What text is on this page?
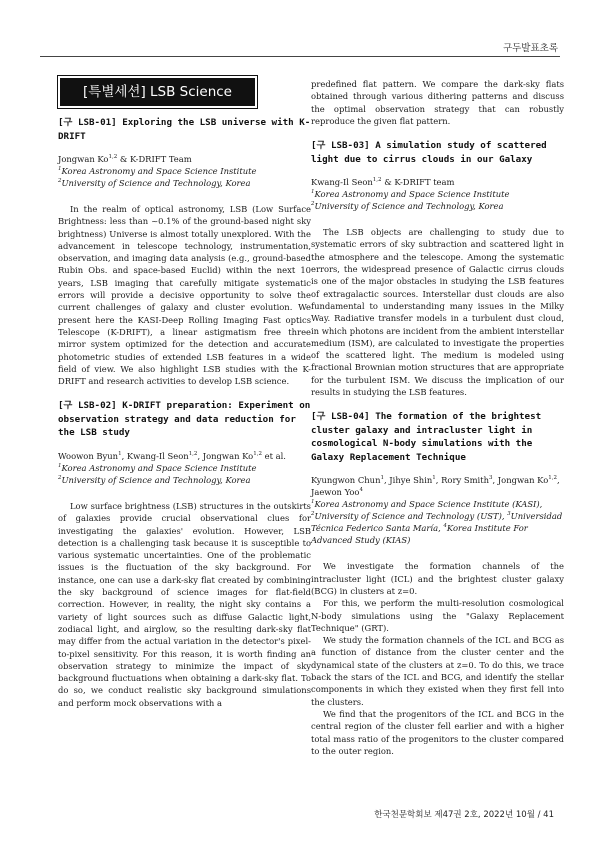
구두발표초록
[특별세션] LSB Science

[구 LSB-01] Exploring the LSB universe with K-DRIFT

Jongwan Ko$^{1,2}$ & K-DRIFT Team

$^1$Korea Astronomy and Space Science Institute

$^2$University of Science and Technology, Korea

In the realm of optical astronomy, LSB (Low Surface Brightness: less than ~0.1% of the ground-based night sky brightness) Universe is almost totally unexplored. With the advancement in telescope technology, instrumentation, observation, and imaging data analysis (e.g., ground-based Rubin Obs. and space-based Euclid) within the next 10 years, LSB imaging that carefully mitigate systematic errors will provide a decisive opportunity to solve the current challenges of galaxy and cluster evolution. We present here the KASI-Deep Rolling Imaging Fast optics Telescope (K-DRIFT), a linear astigmatism free three mirror system optimized for the detection and accurate photometric studies of extended LSB features in a wide field of view. We also highlight LSB studies with the K-DRIFT and research activities to develop LSB science.

[구 LSB-02] K-DRIFT preparation: Experiment on observation strategy and data reduction for the LSB study

Woowon Byun$^1$, Kwang-Il Seon$^{1,2}$, Jongwan Ko$^{1,2}$ et al.

$^1$Korea Astronomy and Space Science Institute

$^2$University of Science and Technology, Korea

Low surface brightness (LSB) structures in the outskirts of galaxies provide crucial observational clues for investigating the galaxies' evolution. However, LSB detection is a challenging task because it is susceptible to various systematic uncertainties. One of the problematic issues is the fluctuation of the sky background. For instance, one can use a dark-sky flat created by combining the sky background of science images for flat-field correction. However, in reality, the night sky contains a variety of light sources such as diffuse Galactic light, zodiacal light, and airglow, so the resulting dark-sky flat may differ from the actual variation in the detector's pixel-to-pixel sensitivity. For this reason, it is worth finding an observation strategy to minimize the impact of sky background fluctuations when obtaining a dark-sky flat. To do so, we conduct realistic sky background simulations and perform mock observations with a

predefined flat pattern. We compare the dark-sky flats obtained through various dithering patterns and discuss the optimal observation strategy that can robustly reproduce the given flat pattern.

[구 LSB-03] A simulation study of scattered light due to cirrus clouds in our Galaxy

Kwang-Il Seon$^{1,2}$ & K-DRIFT team

$^1$Korea Astronomy and Space Science Institute

$^2$University of Science and Technology, Korea

The LSB objects are challenging to study due to systematic errors of sky subtraction and scattered light in the atmosphere and the telescope. Among the systematic errors, the widespread presence of Galactic cirrus clouds is one of the major obstacles in studying the LSB features of extragalactic sources. Interstellar dust clouds are also fundamental to understanding many issues in the Milky Way. Radiative transfer models in a turbulent dust cloud, in which photons are incident from the ambient interstellar medium (ISM), are calculated to investigate the properties of the scattered light. The medium is modeled using fractional Brownian motion structures that are appropriate for the turbulent ISM. We discuss the implication of our results in studying the LSB features.

[구 LSB-04] The formation of the brightest cluster galaxy and intracluster light in cosmological N-body simulations with the Galaxy Replacement Technique

Kyungwon Chun$^1$, Jihye Shin$^1$, Rory Smith$^3$, Jongwan Ko$^{1,2}$, Jaewon Yoo$^4$

$^1$Korea Astronomy and Space Science Institute (KASI), $^2$University of Science and Technology (UST), $^3$Universidad Técnica Federico Santa María, $^4$Korea Institute For Advanced Study (KIAS)

We investigate the formation channels of the intracluster light (ICL) and the brightest cluster galaxy (BCG) in clusters at z=0.

For this, we perform the multi-resolution cosmological N-body simulations using the "Galaxy Replacement Technique" (GRT).

We study the formation channels of the ICL and BCG as a function of distance from the cluster center and the dynamical state of the clusters at z=0. To do this, we trace back the stars of the ICL and BCG, and identify the stellar components in which they existed when they first fell into the clusters.

We find that the progenitors of the ICL and BCG in the central region of the cluster fell earlier and with a higher total mass ratio of the progenitors to the cluster compared to the outer region.

한국천문학회보 제47권 2호, 2022년 10월 / 41
